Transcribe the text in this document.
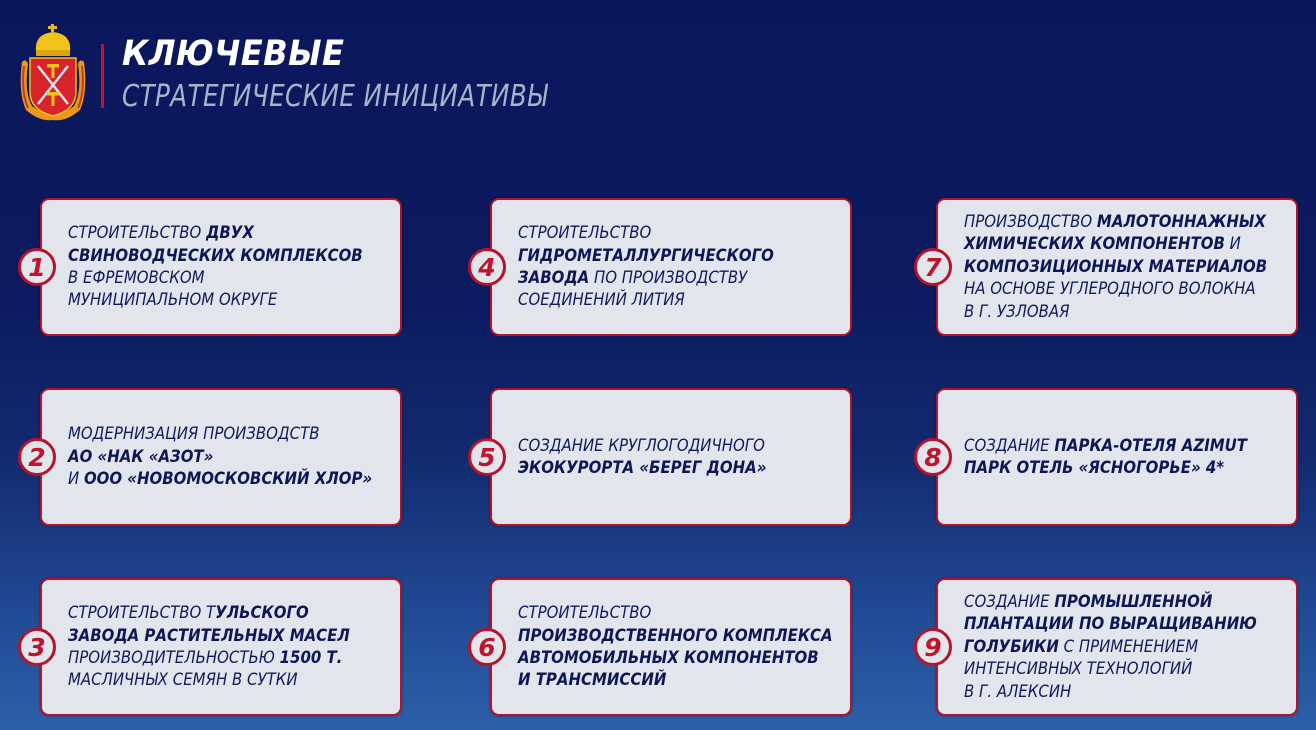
КЛЮЧЕВЫЕ
СТРАТЕГИЧЕСКИЕ ИНИЦИАТИВЫ
1
СТРОИТЕЛЬСТВО ДВУХ
СВИНОВОДЧЕСКИХ КОМПЛЕКСОВ
В ЕФРЕМОВСКОМ
МУНИЦИПАЛЬНОМ ОКРУГЕ
2
МОДЕРНИЗАЦИЯ ПРОИЗВОДСТВ
АО «НАК «АЗОТ»
И ООО «НОВОМОСКОВСКИЙ ХЛОР»
3
СТРОИТЕЛЬСТВО ТУЛЬСКОГО
ЗАВОДА РАСТИТЕЛЬНЫХ МАСЕЛ
ПРОИЗВОДИТЕЛЬНОСТЬЮ 1500 Т.
МАСЛИЧНЫХ СЕМЯН В СУТКИ
4
СТРОИТЕЛЬСТВО
ГИДРОМЕТАЛЛУРГИЧЕСКОГО
ЗАВОДА ПО ПРОИЗВОДСТВУ
СОЕДИНЕНИЙ ЛИТИЯ
5	СОЗДАНИЕ КРУГЛОГОДИЧНОГО
ЭКОКУРОРТА «БЕРЕГ ДОНА»
6
СТРОИТЕЛЬСТВО
ПРОИЗВОДСТВЕННОГО КОМПЛЕКСА
АВТОМОБИЛЬНЫХ КОМПОНЕНТОВ
И ТРАНСМИССИЙ
7
ПРОИЗВОДСТВО МАЛОТОННАЖНЫХ
ХИМИЧЕСКИХ КОМПОНЕНТОВ И
КОМПОЗИЦИОННЫХ МАТЕРИАЛОВ
НА ОСНОВЕ УГЛЕРОДНОГО ВОЛОКНА
В Г. УЗЛОВАЯ
8	СОЗДАНИЕ ПАРКА-ОТЕЛЯ AZIMUT
ПАРК ОТЕЛЬ «ЯСНОГОРЬЕ» 4*
9
СОЗДАНИЕ ПРОМЫШЛЕННОЙ
ПЛАНТАЦИИ ПО ВЫРАЩИВАНИЮ
ГОЛУБИКИ С ПРИМЕНЕНИЕМ
ИНТЕНСИВНЫХ ТЕХНОЛОГИЙ
В Г. АЛЕКСИН
